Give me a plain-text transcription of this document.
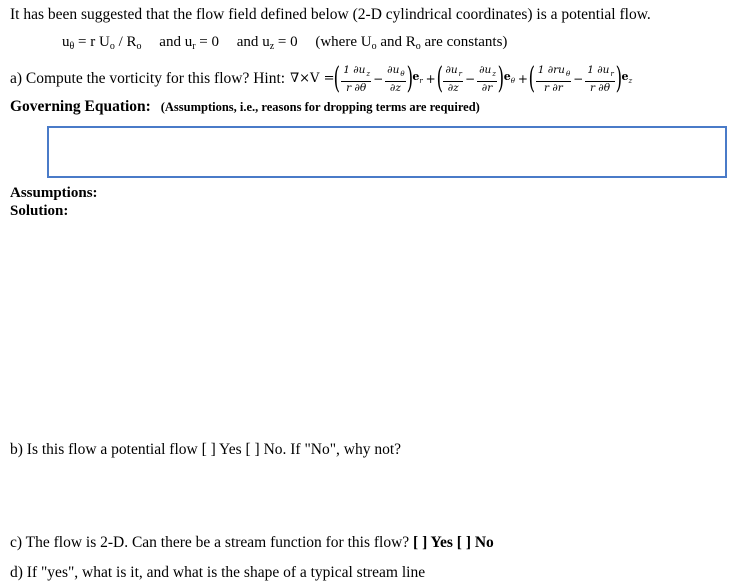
It has been suggested that the flow field defined below (2-D cylindrical coordinates) is a potential flow.
$u_\theta = r$ $U_o / R_o$ and $u_r = 0$ and $u_z = 0$ (where $U_o$ and $R_o$ are constants)
a) Compute the vorticity for this flow? Hint: ∇×V = ( $\frac{1 \partial u_z}{r \partial\theta} - \frac{\partial u_\theta}{\partial z}$ ) $e_r$ + ( $\frac{\partial u_r}{\partial z} - \frac{\partial u_z}{\partial r}$ ) $e_\theta$ + ( $\frac{1 \partial ru_\theta}{r \partial r} - \frac{1 \partial u_r}{r \partial\theta}$ ) $e_z$
Governing Equation: (Assumptions, i.e., reasons for dropping terms are required)
Assumptions:
Solution:
b) Is this flow a potential flow [ ] Yes [ ] No. If "No", why not?
c) The flow is 2-D. Can there be a stream function for this flow? [ ] Yes [ ] No
d) If "yes", what is it, and what is the shape of a typical stream line
